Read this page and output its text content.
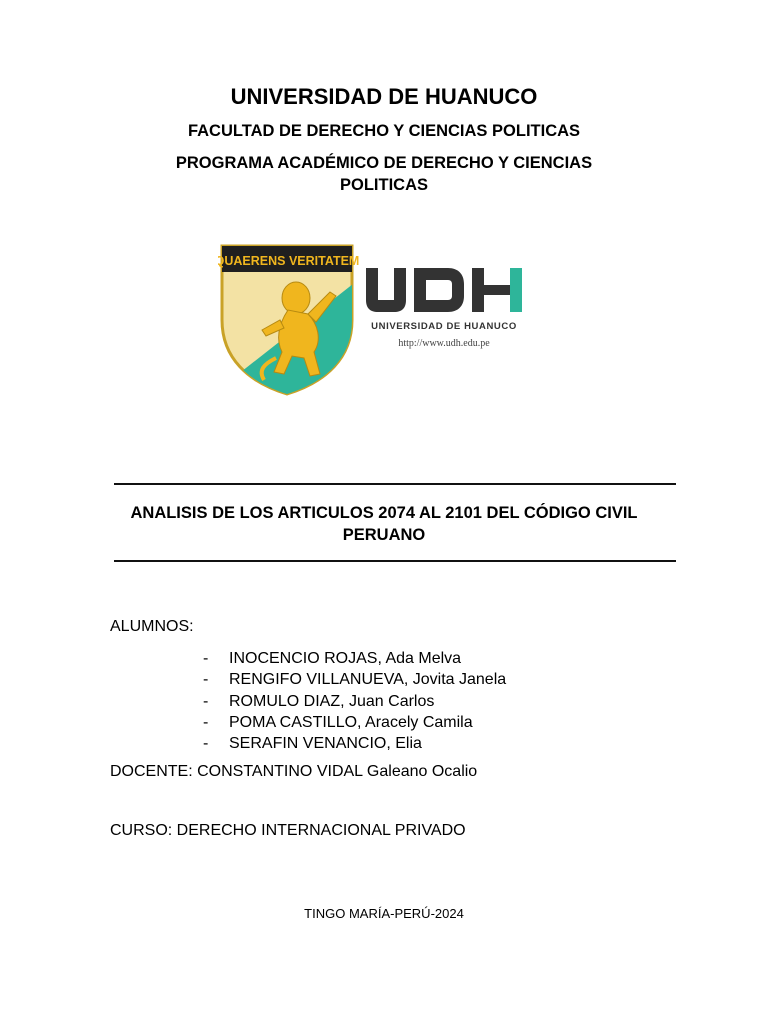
UNIVERSIDAD DE HUANUCO
FACULTAD DE DERECHO Y CIENCIAS POLITICAS
PROGRAMA ACADÉMICO DE DERECHO Y CIENCIAS POLITICAS
QUAERENS VERITATEM
UNIVERSIDAD DE HUANUCO
http://www.udh.edu.pe
ANALISIS DE LOS ARTICULOS 2074 AL 2101 DEL CÓDIGO CIVIL PERUANO
ALUMNOS:
-	INOCENCIO ROJAS, Ada Melva
-	RENGIFO VILLANUEVA, Jovita Janela
-	ROMULO DIAZ, Juan Carlos
-	POMA CASTILLO, Aracely Camila
-	SERAFIN VENANCIO, Elia
DOCENTE: CONSTANTINO VIDAL Galeano Ocalio
CURSO: DERECHO INTERNACIONAL PRIVADO
TINGO MARÍA-PERÚ-2024
